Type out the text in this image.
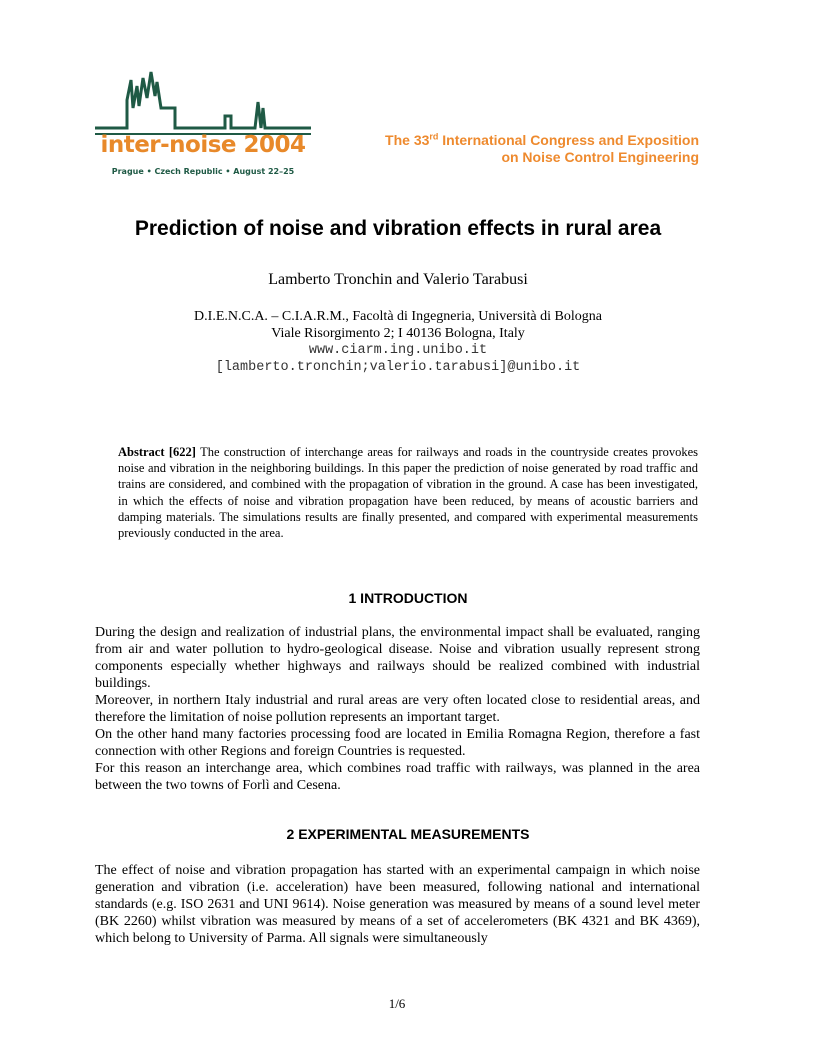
inter-noise 2004
Prague • Czech Republic • August 22–25
The 33rd International Congress and Exposition
on Noise Control Engineering
Prediction of noise and vibration effects in rural area
Lamberto Tronchin and Valerio Tarabusi
D.I.E.N.C.A. – C.I.A.R.M., Facoltà di Ingegneria, Università di Bologna
Viale Risorgimento 2; I 40136 Bologna, Italy
www.ciarm.ing.unibo.it
[lamberto.tronchin;valerio.tarabusi]@unibo.it
Abstract [622] The construction of interchange areas for railways and roads in the countryside creates provokes noise and vibration in the neighboring buildings. In this paper the prediction of noise generated by road traffic and trains are considered, and combined with the propagation of vibration in the ground. A case has been investigated, in which the effects of noise and vibration propagation have been reduced, by means of acoustic barriers and damping materials. The simulations results are finally presented, and compared with experimental measurements previously conducted in the area.
1 INTRODUCTION

During the design and realization of industrial plans, the environmental impact shall be evaluated, ranging from air and water pollution to hydro-geological disease. Noise and vibration usually represent strong components especially whether highways and railways should be realized combined with industrial buildings.

Moreover, in northern Italy industrial and rural areas are very often located close to residential areas, and therefore the limitation of noise pollution represents an important target.

On the other hand many factories processing food are located in Emilia Romagna Region, therefore a fast connection with other Regions and foreign Countries is requested.

For this reason an interchange area, which combines road traffic with railways, was planned in the area between the two towns of Forlì and Cesena.

2 EXPERIMENTAL MEASUREMENTS

The effect of noise and vibration propagation has started with an experimental campaign in which noise generation and vibration (i.e. acceleration) have been measured, following national and international standards (e.g. ISO 2631 and UNI 9614). Noise generation was measured by means of a sound level meter (BK 2260) whilst vibration was measured by means of a set of accelerometers (BK 4321 and BK 4369), which belong to University of Parma. All signals were simultaneously

1/6
